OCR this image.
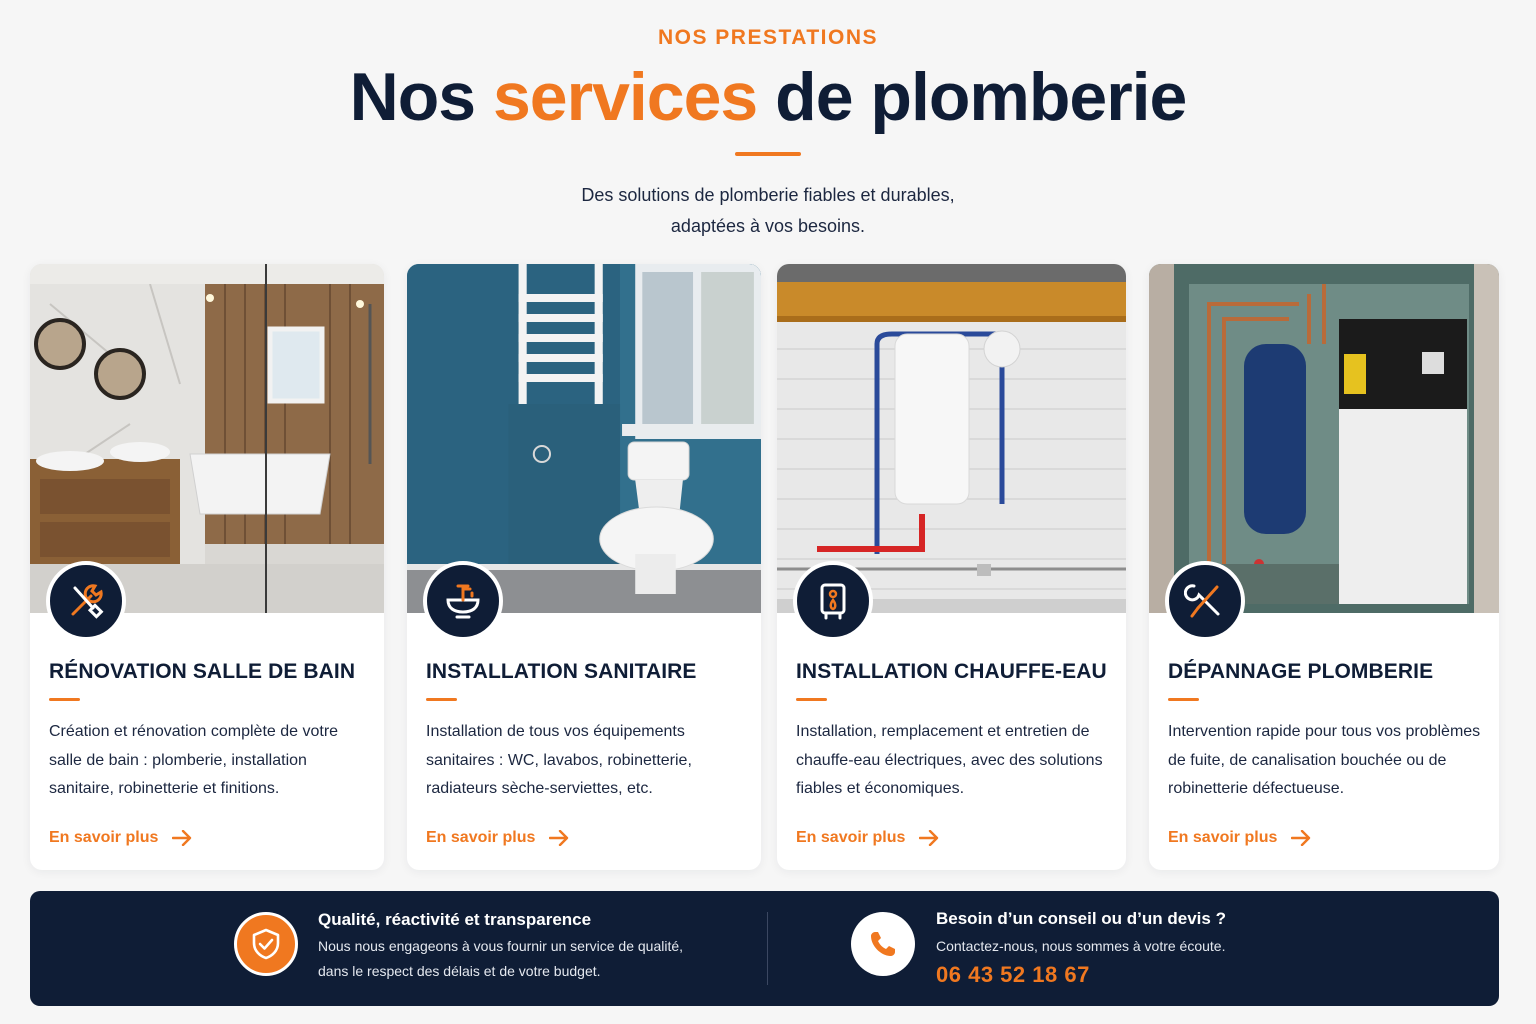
NOS PRESTATIONS
Nos services de plomberie
Des solutions de plomberie fiables et durables,
adaptées à vos besoins.
RÉNOVATION SALLE DE BAIN
Création et rénovation complète de votre salle de bain : plomberie, installation sanitaire, robinetterie et finitions.
En savoir plus
INSTALLATION SANITAIRE
Installation de tous vos équipements sanitaires : WC, lavabos, robinetterie, radiateurs sèche-serviettes, etc.
En savoir plus
INSTALLATION CHAUFFE-EAU
Installation, remplacement et entretien de chauffe-eau électriques, avec des solutions fiables et économiques.
En savoir plus
DÉPANNAGE PLOMBERIE
Intervention rapide pour tous vos problèmes de fuite, de canalisation bouchée ou de robinetterie défectueuse.
En savoir plus
Qualité, réactivité et transparence
Nous nous engageons à vous fournir un service de qualité,
dans le respect des délais et de votre budget.
Besoin d’un conseil ou d’un devis ?
Contactez-nous, nous sommes à votre écoute.
06 43 52 18 67
